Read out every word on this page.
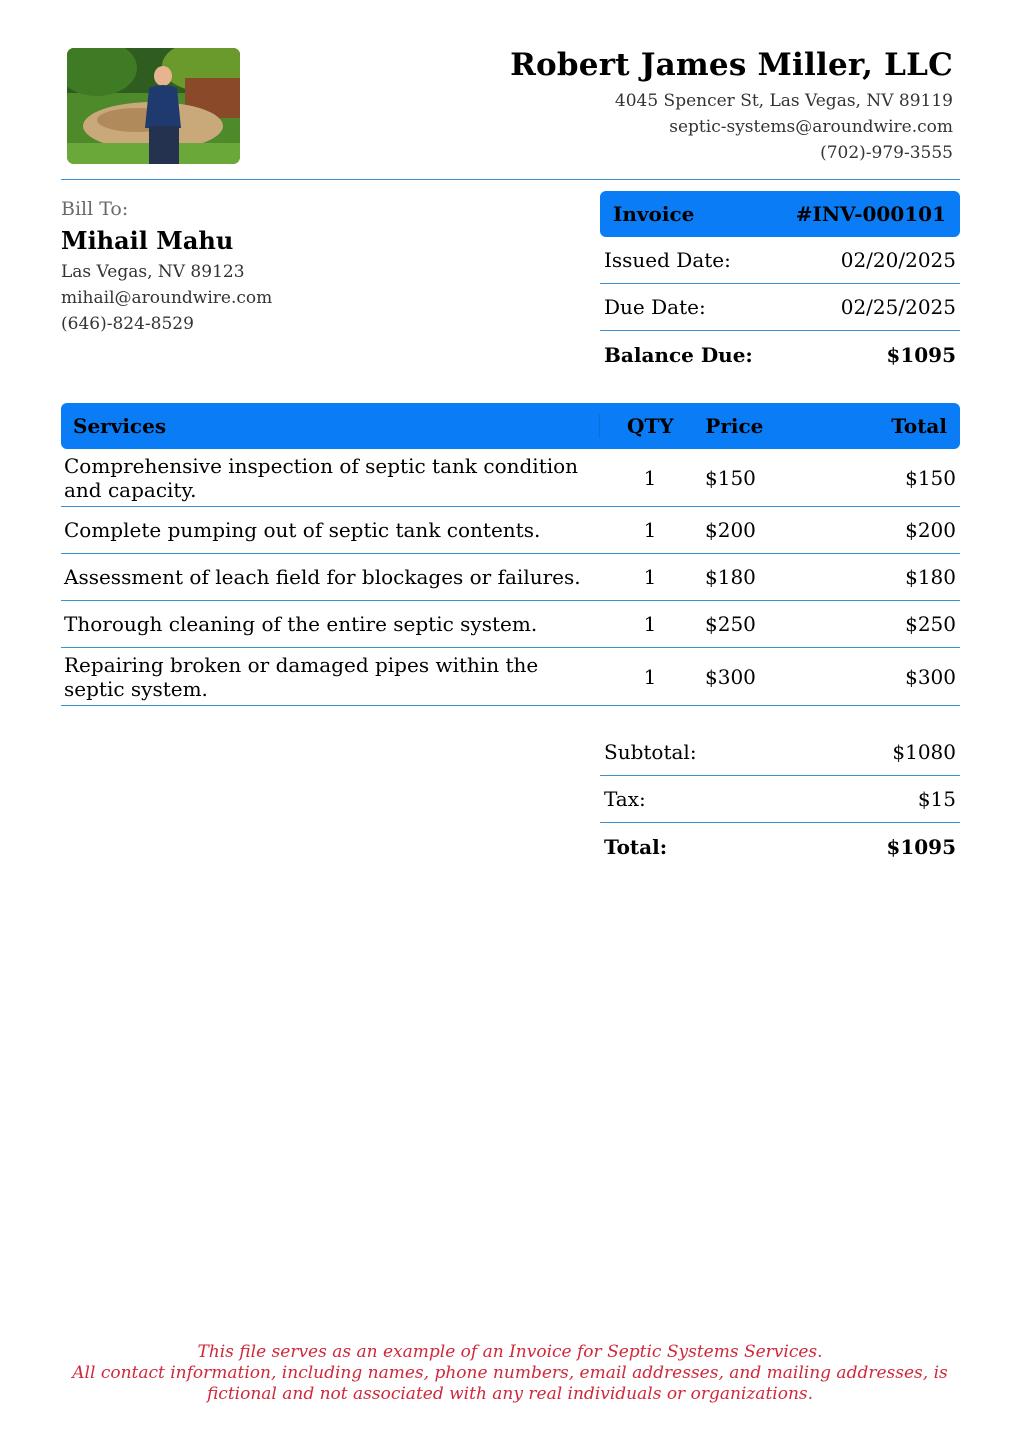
Robert James Miller, LLC
4045 Spencer St, Las Vegas, NV 89119
septic-systems@aroundwire.com
(702)-979-3555
Bill To:
Mihail Mahu
Las Vegas, NV 89123
mihail@aroundwire.com
(646)-824-8529
Invoice	#INV-000101
Issued Date:	02/20/2025
Due Date:	02/25/2025
Balance Due:	$1095
Services	QTY	Price	Total
Comprehensive inspection of septic tank condition and capacity.	1	$150	$150
Complete pumping out of septic tank contents.	1	$200	$200
Assessment of leach field for blockages or failures.	1	$180	$180
Thorough cleaning of the entire septic system.	1	$250	$250
Repairing broken or damaged pipes within the septic system.	1	$300	$300
Subtotal:	$1080
Tax:	$15
Total:	$1095
This file serves as an example of an Invoice for Septic Systems Services.
All contact information, including names, phone numbers, email addresses, and mailing addresses, is
fictional and not associated with any real individuals or organizations.
